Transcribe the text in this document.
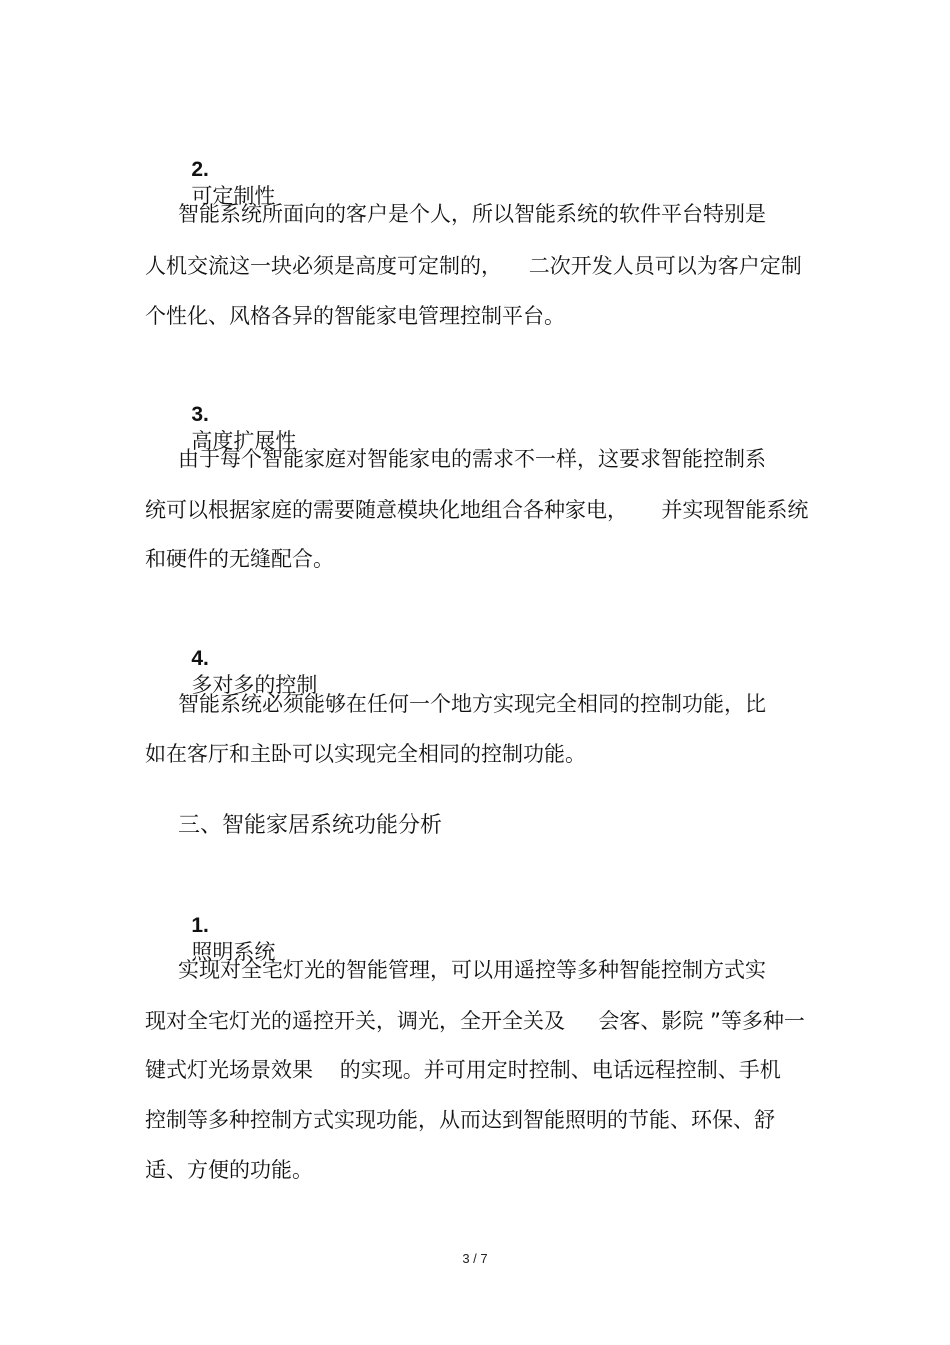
2.
可定制性

智能系统所面向的客户是个人，所以智能系统的软件平台特别是
人机交流这一块必须是高度可定制的，    二次开发人员可以为客户定制
个性化、风格各异的智能家电管理控制平台。

3.
高度扩展性

由于每个智能家庭对智能家电的需求不一样，这要求智能控制系
统可以根据家庭的需要随意模块化地组合各种家电，     并实现智能系统
和硬件的无缝配合。

4.
多对多的控制

智能系统必须能够在任何一个地方实现完全相同的控制功能，比
如在客厅和主卧可以实现完全相同的控制功能。
三、智能家居系统功能分析

1.
照明系统

实现对全宅灯光的智能管理，可以用遥控等多种智能控制方式实
现对全宅灯光的遥控开关，调光，全开全关及     会客、影院 ”等多种一
键式灯光场景效果    的实现。并可用定时控制、电话远程控制、手机
控制等多种控制方式实现功能，从而达到智能照明的节能、环保、舒
适、方便的功能。
3 / 7
